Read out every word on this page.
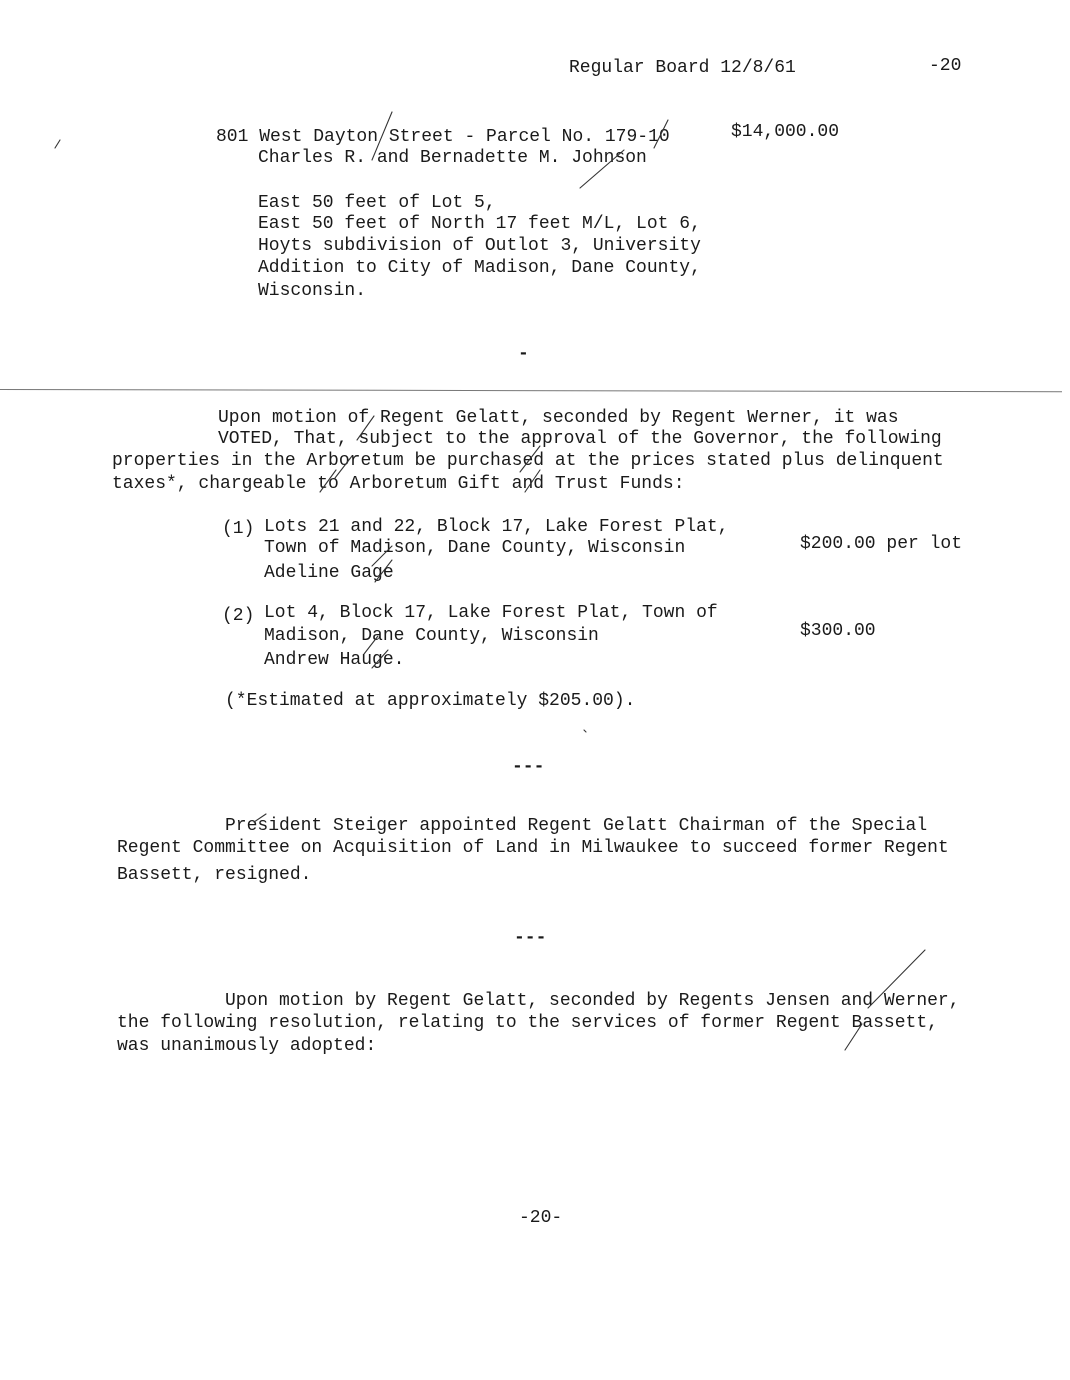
Regular Board 12/8/61	-20
801 West Dayton Street - Parcel No. 179-10	$14,000.00
Charles R. and Bernadette M. Johnson
East 50 feet of Lot 5,
East 50 feet of North 17 feet M/L, Lot 6,
Hoyts subdivision of Outlot 3, University
Addition to City of Madison, Dane County,
Wisconsin.
-
Upon motion of Regent Gelatt, seconded by Regent Werner, it was
VOTED, That, subject to the approval of the Governor, the following
properties in the Arboretum be purchased at the prices stated plus delinquent
taxes*, chargeable to Arboretum Gift and Trust Funds:
(1) Lots 21 and 22, Block 17, Lake Forest Plat,
Town of Madison, Dane County, Wisconsin
Adeline Gage
$200.00 per lot
(2) Lot 4, Block 17, Lake Forest Plat, Town of
Madison, Dane County, Wisconsin
Andrew Hauge.
$300.00
(*Estimated at approximately $205.00).
---
President Steiger appointed Regent Gelatt Chairman of the Special
Regent Committee on Acquisition of Land in Milwaukee to succeed former Regent
Bassett, resigned.
---
Upon motion by Regent Gelatt, seconded by Regents Jensen and Werner,
the following resolution, relating to the services of former Regent Bassett,
was unanimously adopted:
-20-
